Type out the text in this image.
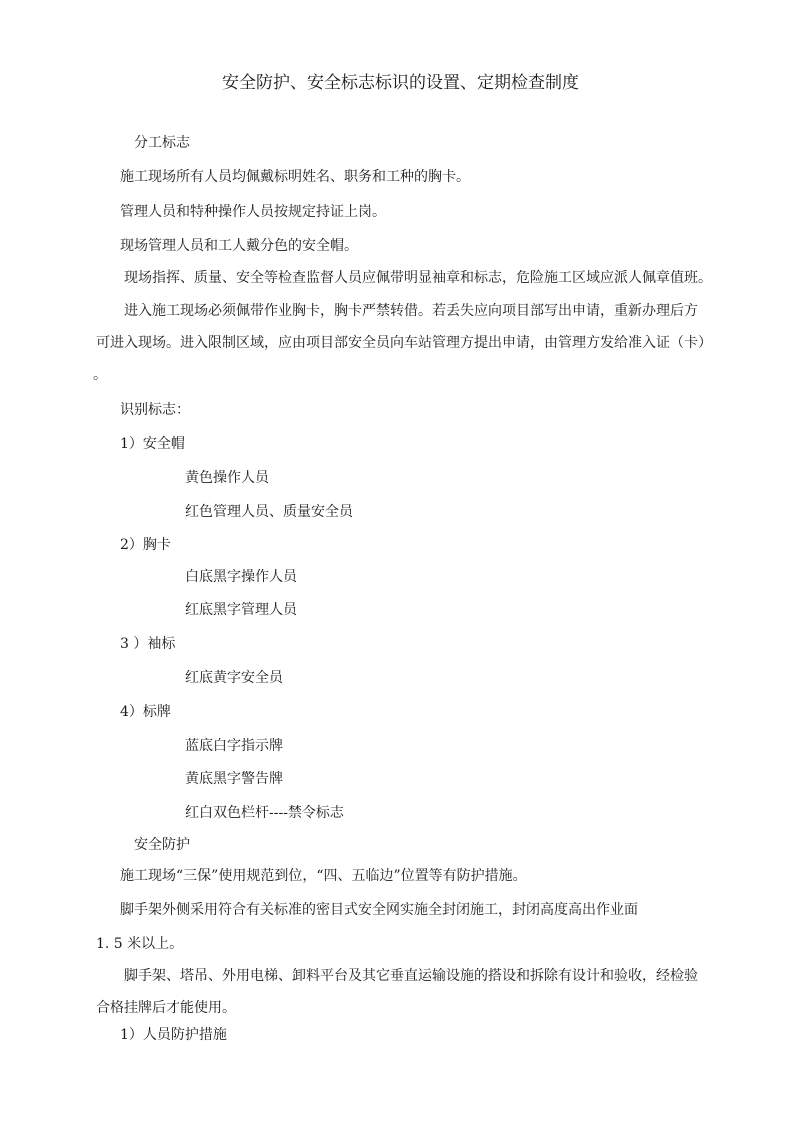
安全防护、安全标志标识的设置、定期检查制度
分工标志
施工现场所有人员均佩戴标明姓名、职务和工种的胸卡。
管理人员和特种操作人员按规定持证上岗。
现场管理人员和工人戴分色的安全帽。
现场指挥、质量、安全等检查监督人员应佩带明显袖章和标志，危险施工区域应派人佩章值班。
进入施工现场必须佩带作业胸卡，胸卡严禁转借。若丢失应向项目部写出申请，重新办理后方
可进入现场。进入限制区域，应由项目部安全员向车站管理方提出申请，由管理方发给准入证（卡）
。
识别标志：
1）安全帽
黄色操作人员
红色管理人员、质量安全员
2）胸卡
白底黑字操作人员
红底黑字管理人员
3 ）袖标
红底黄字安全员
4）标牌
蓝底白字指示牌
黄底黑字警告牌
红白双色栏杆----禁令标志
安全防护
施工现场“三保”使用规范到位，“四、五临边”位置等有防护措施。
脚手架外侧采用符合有关标准的密目式安全网实施全封闭施工，封闭高度高出作业面
1. 5 米以上。
脚手架、塔吊、外用电梯、卸料平台及其它垂直运输设施的搭设和拆除有设计和验收，经检验
合格挂牌后才能使用。
1）人员防护措施
